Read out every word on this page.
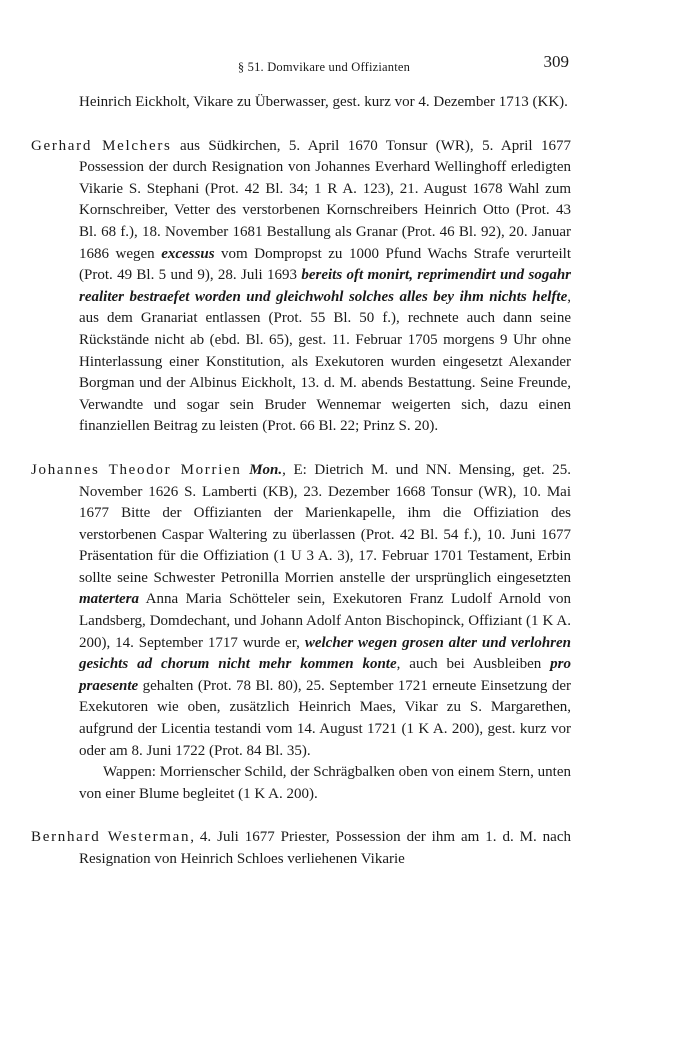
§ 51. Domvikare und Offizianten	309

Heinrich Eickholt, Vikare zu Überwasser, gest. kurz vor 4. Dezember 1713 (KK).

Gerhard Melchers aus Südkirchen, 5. April 1670 Tonsur (WR), 5. April 1677 Possession der durch Resignation von Johannes Everhard Wellinghoff erledigten Vikarie S. Stephani (Prot. 42 Bl. 34; 1 R A. 123), 21. August 1678 Wahl zum Kornschreiber, Vetter des verstorbenen Kornschreibers Heinrich Otto (Prot. 43 Bl. 68 f.), 18. November 1681 Bestallung als Granar (Prot. 46 Bl. 92), 20. Januar 1686 wegen excessus vom Dompropst zu 1000 Pfund Wachs Strafe verurteilt (Prot. 49 Bl. 5 und 9), 28. Juli 1693 bereits oft monirt, reprimendirt und sogahr realiter bestraefet worden und gleichwohl solches alles bey ihm nichts helfte, aus dem Granariat entlassen (Prot. 55 Bl. 50 f.), rechnete auch dann seine Rückstände nicht ab (ebd. Bl. 65), gest. 11. Februar 1705 morgens 9 Uhr ohne Hinterlassung einer Konstitution, als Exekutoren wurden eingesetzt Alexander Borgman und der Albinus Eickholt, 13. d. M. abends Bestattung. Seine Freunde, Verwandte und sogar sein Bruder Wennemar weigerten sich, dazu einen finanziellen Beitrag zu leisten (Prot. 66 Bl. 22; Prinz S. 20).

Johannes Theodor Morrien Mon., E: Dietrich M. und NN. Mensing, get. 25. November 1626 S. Lamberti (KB), 23. Dezember 1668 Tonsur (WR), 10. Mai 1677 Bitte der Offizianten der Marienkapelle, ihm die Offiziation des verstorbenen Caspar Waltering zu überlassen (Prot. 42 Bl. 54 f.), 10. Juni 1677 Präsentation für die Offiziation (1 U 3 A. 3), 17. Februar 1701 Testament, Erbin sollte seine Schwester Petronilla Morrien anstelle der ursprünglich eingesetzten matertera Anna Maria Schötteler sein, Exekutoren Franz Ludolf Arnold von Landsberg, Domdechant, und Johann Adolf Anton Bischopinck, Offiziant (1 K A. 200), 14. September 1717 wurde er, welcher wegen grosen alter und verlohren gesichts ad chorum nicht mehr kommen konte, auch bei Ausbleiben pro praesente gehalten (Prot. 78 Bl. 80), 25. September 1721 erneute Einsetzung der Exekutoren wie oben, zusätzlich Heinrich Maes, Vikar zu S. Margarethen, aufgrund der Licentia testandi vom 14. August 1721 (1 K A. 200), gest. kurz vor oder am 8. Juni 1722 (Prot. 84 Bl. 35).

Wappen: Morrienscher Schild, der Schrägbalken oben von einem Stern, unten von einer Blume begleitet (1 K A. 200).

Bernhard Westerman, 4. Juli 1677 Priester, Possession der ihm am 1. d. M. nach Resignation von Heinrich Schloes verliehenen Vikarie
